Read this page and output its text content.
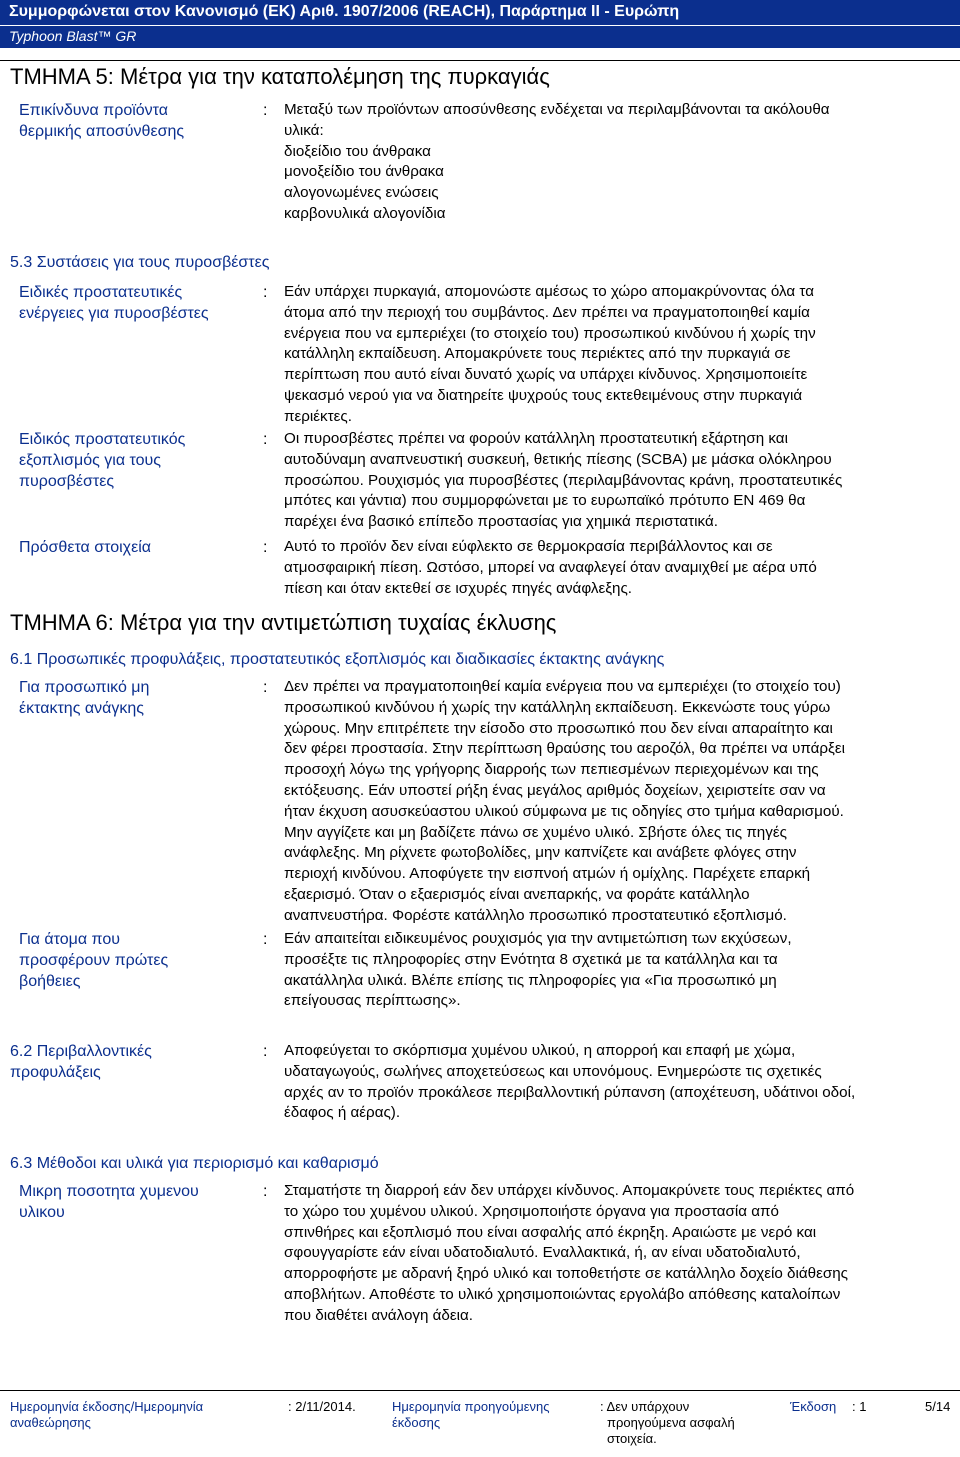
Συμμορφώνεται στον Κανονισμό (ΕΚ) Αριθ. 1907/2006 (REACH), Παράρτημα II - Ευρώπη
Typhoon Blast™ GR
ΤΜΗΜΑ 5: Μέτρα για την καταπολέμηση της πυρκαγιάς
Επικίνδυνα προϊόντα
θερμικής αποσύνθεσης
: Μεταξύ των προϊόντων αποσύνθεσης ενδέχεται να περιλαμβάνονται τα ακόλουθα
υλικά:
διοξείδιο του άνθρακα
μονοξείδιο του άνθρακα
αλογονωμένες ενώσεις
καρβονυλικά αλογονίδια
5.3 Συστάσεις για τους πυροσβέστες
Ειδικές προστατευτικές
ενέργειες για πυροσβέστες
: Εάν υπάρχει πυρκαγιά, απομονώστε αμέσως το χώρο απομακρύνοντας όλα τα
άτομα από την περιοχή του συμβάντος. Δεν πρέπει να πραγματοποιηθεί καμία
ενέργεια που να εμπεριέχει (το στοιχείο του) προσωπικού κινδύνου ή χωρίς την
κατάλληλη εκπαίδευση. Απομακρύνετε τους περιέκτες από την πυρκαγιά σε
περίπτωση που αυτό είναι δυνατό χωρίς να υπάρχει κίνδυνος. Χρησιμοποιείτε
ψεκασμό νερού για να διατηρείτε ψυχρούς τους εκτεθειμένους στην πυρκαγιά
περιέκτες.
Ειδικός προστατευτικός
εξοπλισμός για τους
πυροσβέστες
: Οι πυροσβέστες πρέπει να φορούν κατάλληλη προστατευτική εξάρτηση και
αυτοδύναμη αναπνευστική συσκευή, θετικής πίεσης (SCBA) με μάσκα ολόκληρου
προσώπου. Ρουχισμός για πυροσβέστες (περιλαμβάνοντας κράνη, προστατευτικές
μπότες και γάντια) που συμμορφώνεται με το ευρωπαϊκό πρότυπο EN 469 θα
παρέχει ένα βασικό επίπεδο προστασίας για χημικά περιστατικά.
Πρόσθετα στοιχεία	: Αυτό το προϊόν δεν είναι εύφλεκτο σε θερμοκρασία περιβάλλοντος και σε
ατμοσφαιρική πίεση. Ωστόσο, μπορεί να αναφλεγεί όταν αναμιχθεί με αέρα υπό
πίεση και όταν εκτεθεί σε ισχυρές πηγές ανάφλεξης.
ΤΜΗΜΑ 6: Μέτρα για την αντιμετώπιση τυχαίας έκλυσης
6.1 Προσωπικές προφυλάξεις, προστατευτικός εξοπλισμός και διαδικασίες έκτακτης ανάγκης
Για προσωπικό μη
έκτακτης ανάγκης
: Δεν πρέπει να πραγματοποιηθεί καμία ενέργεια που να εμπεριέχει (το στοιχείο του)
προσωπικού κινδύνου ή χωρίς την κατάλληλη εκπαίδευση. Εκκενώστε τους γύρω
χώρους. Μην επιτρέπετε την είσοδο στο προσωπικό που δεν είναι απαραίτητο και
δεν φέρει προστασία. Στην περίπτωση θραύσης του αεροζόλ, θα πρέπει να υπάρξει
προσοχή λόγω της γρήγορης διαρροής των πεπιεσμένων περιεχομένων και της
εκτόξευσης. Εάν υποστεί ρήξη ένας μεγάλος αριθμός δοχείων, χειριστείτε σαν να
ήταν έκχυση ασυσκεύαστου υλικού σύμφωνα με τις οδηγίες στο τμήμα καθαρισμού.
Μην αγγίζετε και μη βαδίζετε πάνω σε χυμένο υλικό. Σβήστε όλες τις πηγές
ανάφλεξης. Μη ρίχνετε φωτοβολίδες, μην καπνίζετε και ανάβετε φλόγες στην
περιοχή κινδύνου. Αποφύγετε την εισπνοή ατμών ή ομίχλης. Παρέχετε επαρκή
εξαερισμό. Όταν ο εξαερισμός είναι ανεπαρκής, να φοράτε κατάλληλο
αναπνευστήρα. Φορέστε κατάλληλο προσωπικό προστατευτικό εξοπλισμό.
Για άτομα που
προσφέρουν πρώτες
βοήθειες
: Εάν απαιτείται ειδικευμένος ρουχισμός για την αντιμετώπιση των εκχύσεων,
προσέξτε τις πληροφορίες στην Ενότητα 8 σχετικά με τα κατάλληλα και τα
ακατάλληλα υλικά. Βλέπε επίσης τις πληροφορίες για «Για προσωπικό μη
επείγουσας περίπτωσης».
6.2 Περιβαλλοντικές
προφυλάξεις
: Αποφεύγεται το σκόρπισμα χυμένου υλικού, η απορροή και επαφή με χώμα,
υδαταγωγούς, σωλήνες αποχετεύσεως και υπονόμους. Ενημερώστε τις σχετικές
αρχές αν το προϊόν προκάλεσε περιβαλλοντική ρύπανση (αποχέτευση, υδάτινοι οδοί,
έδαφος ή αέρας).
6.3 Μέθοδοι και υλικά για περιορισμό και καθαρισμό
Μικρη ποσοτητα χυμενου
υλικου
: Σταματήστε τη διαρροή εάν δεν υπάρχει κίνδυνος. Απομακρύνετε τους περιέκτες από
το χώρο του χυμένου υλικού. Χρησιμοποιήστε όργανα για προστασία από
σπινθήρες και εξοπλισμό που είναι ασφαλής από έκρηξη. Αραιώστε με νερό και
σφουγγαρίστε εάν είναι υδατοδιαλυτό. Εναλλακτικά, ή, αν είναι υδατοδιαλυτό,
απορροφήστε με αδρανή ξηρό υλικό και τοποθετήστε σε κατάλληλο δοχείο διάθεσης
αποβλήτων. Αποθέστε το υλικό χρησιμοποιώντας εργολάβο απόθεσης καταλοίπων
που διαθέτει ανάλογη άδεια.
Ημερομηνία έκδοσης/Ημερομηνία
αναθεώρησης
: 2/11/2014.	Ημερομηνία προηγούμενης
έκδοσης
: Δεν υπάρχουν
προηγούμενα ασφαλή
στοιχεία.
Έκδοση : 1	5/14
